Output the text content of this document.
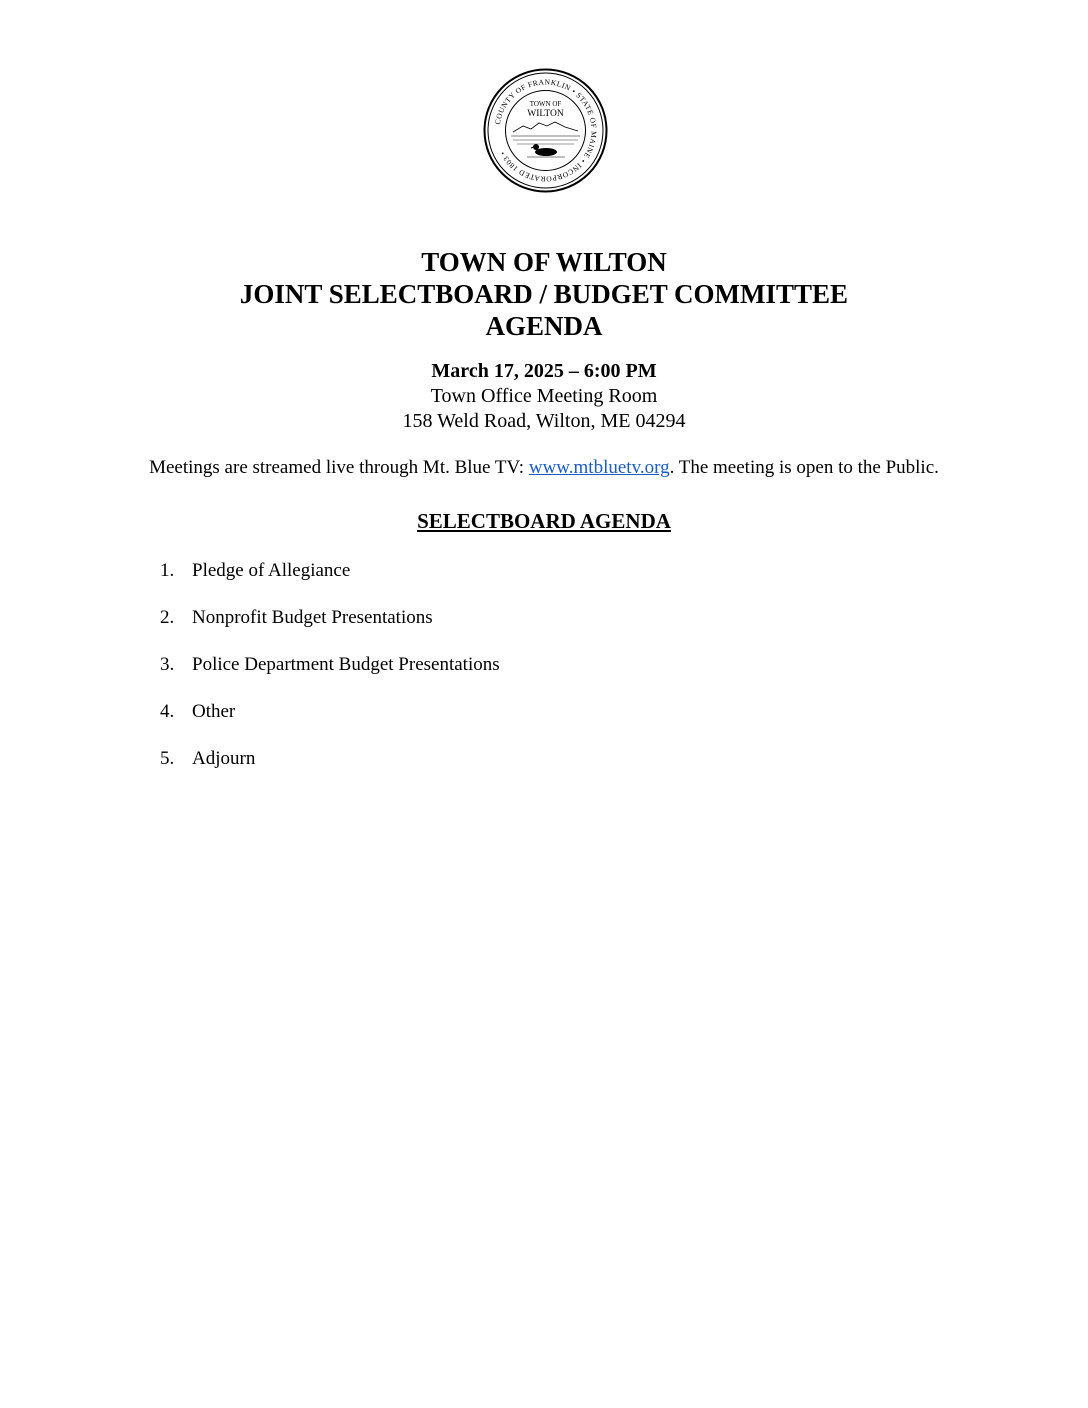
COUNTY OF FRANKLIN • STATE OF MAINE • INCORPORATED 1803 •
TOWN OF
WILTON
TOWN OF WILTON
JOINT SELECTBOARD / BUDGET COMMITTEE
AGENDA
March 17, 2025 – 6:00 PM
Town Office Meeting Room
158 Weld Road, Wilton, ME 04294
Meetings are streamed live through Mt. Blue TV: www.mtbluetv.org. The meeting is open to the Public.
SELECTBOARD AGENDA
1. Pledge of Allegiance
2. Nonprofit Budget Presentations
3. Police Department Budget Presentations
4. Other
5. Adjourn
